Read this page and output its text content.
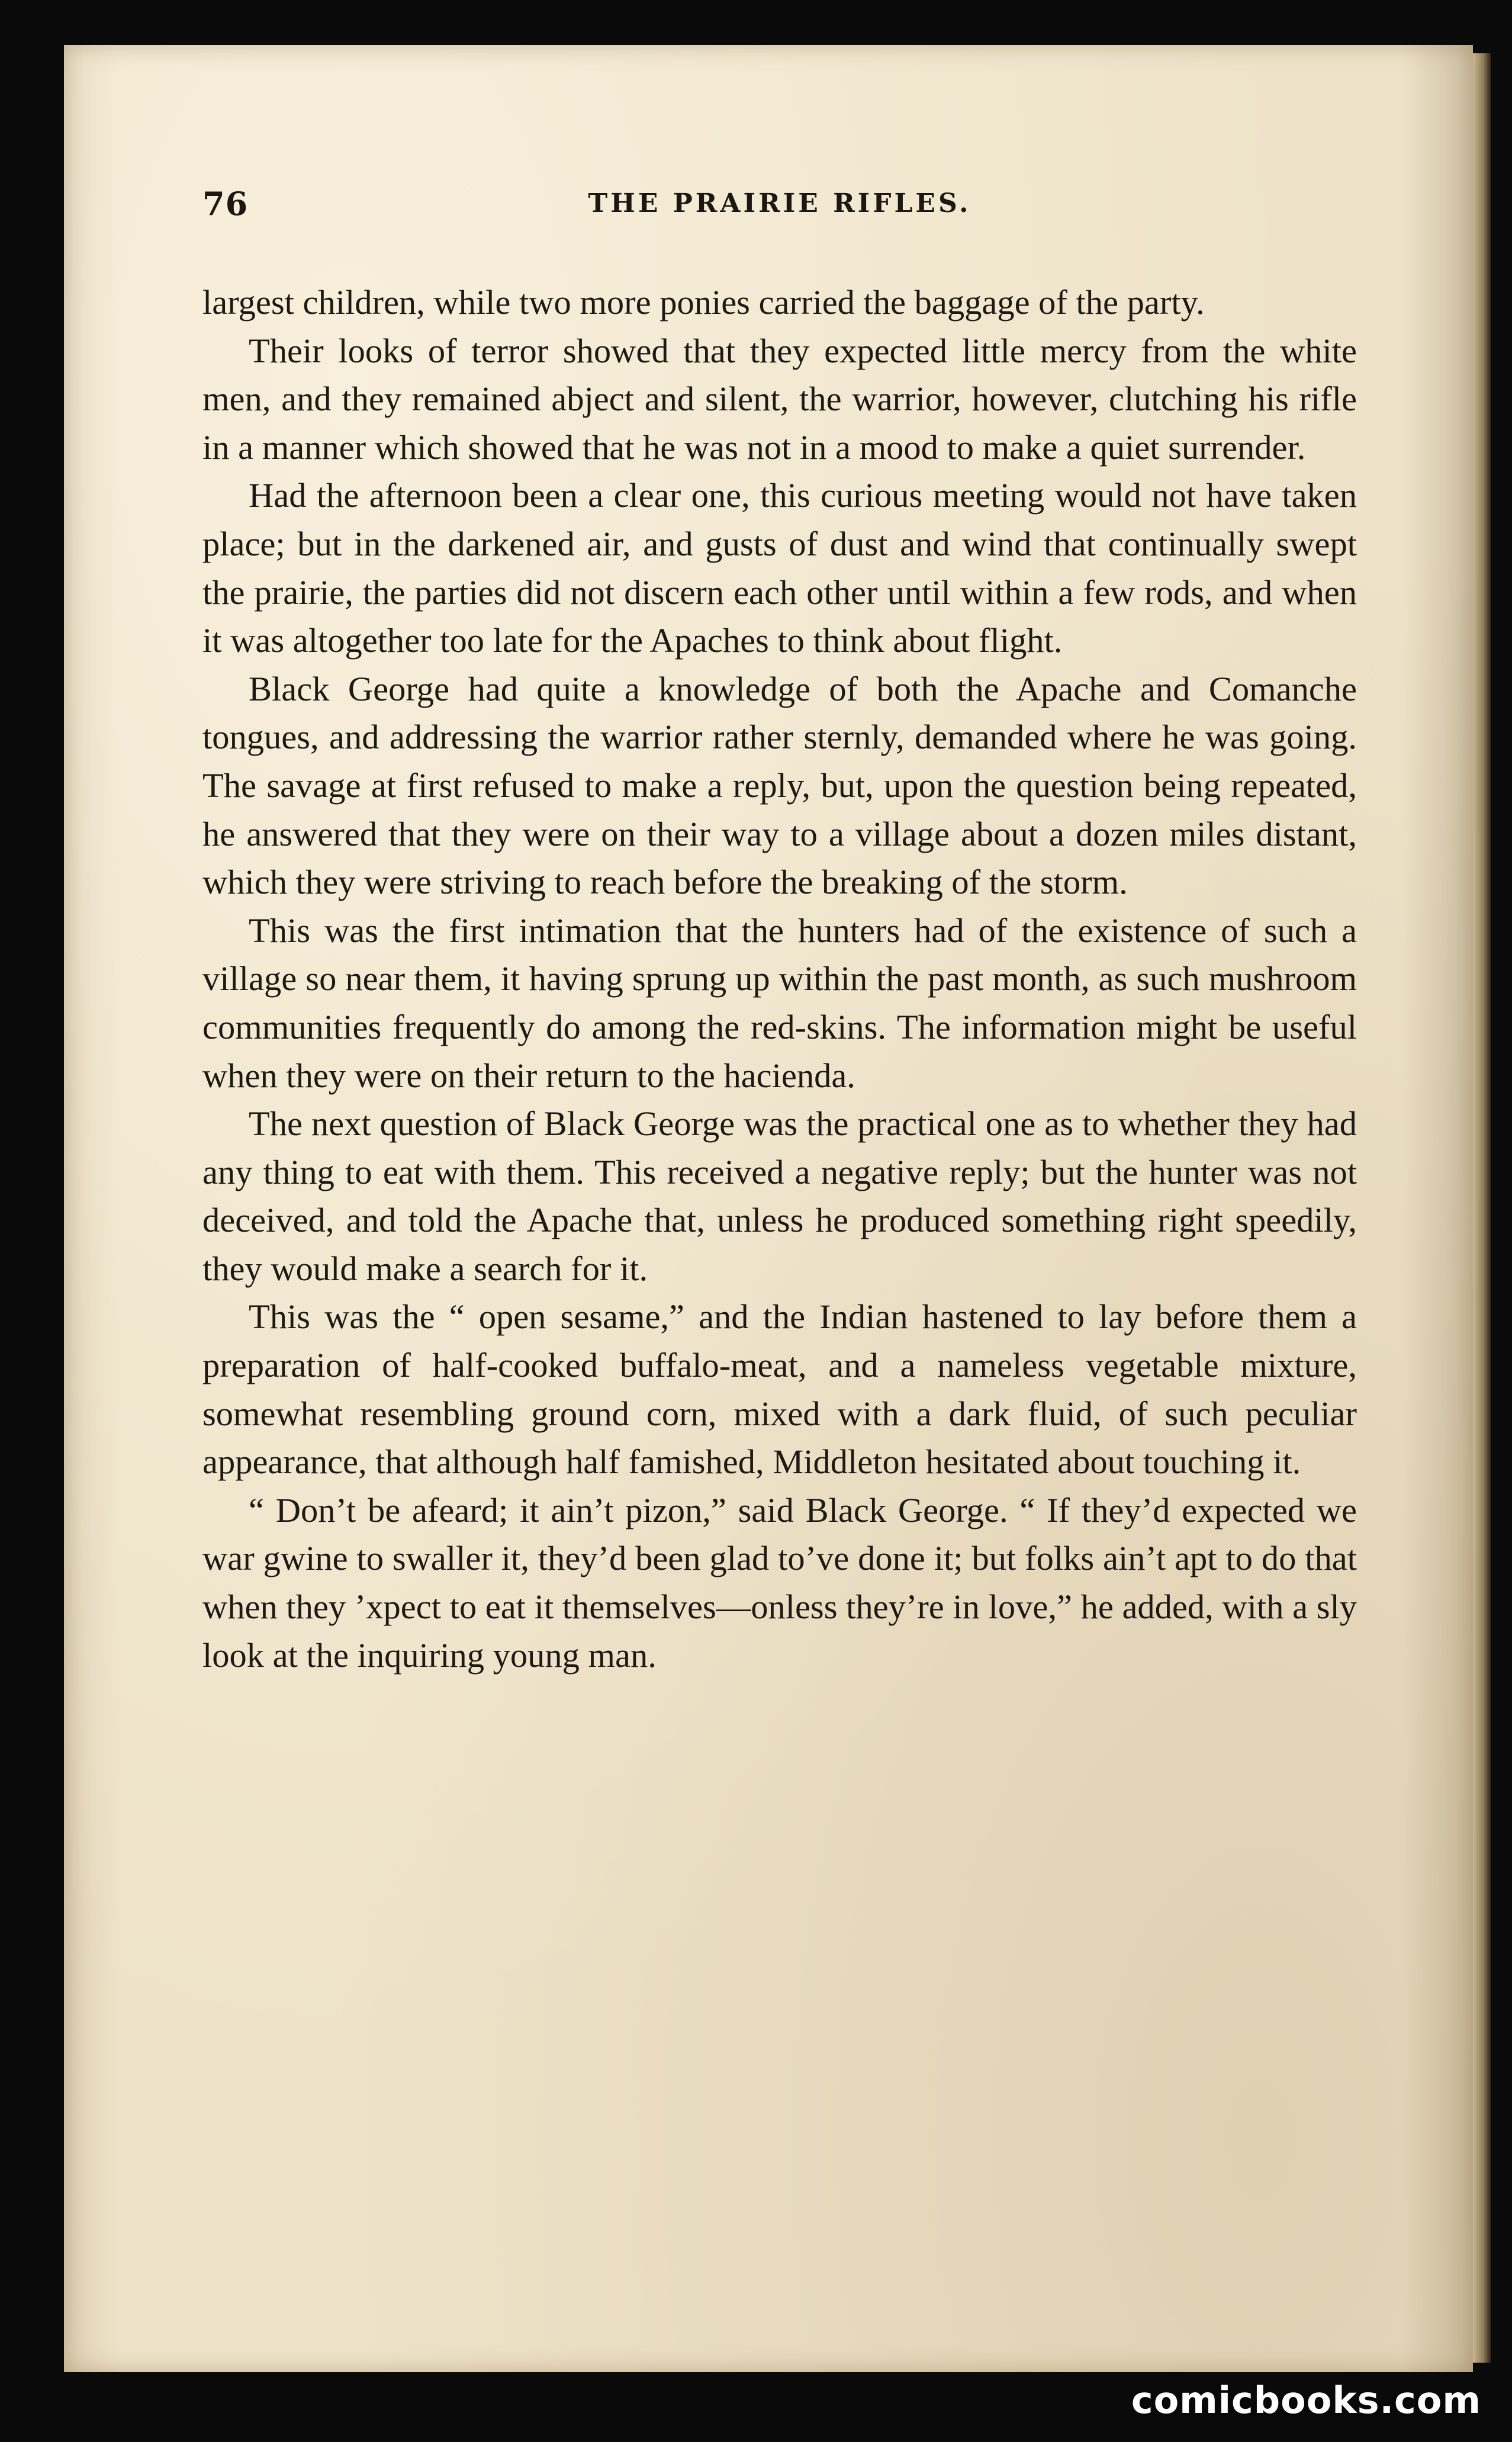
76	THE PRAIRIE RIFLES.

largest children, while two more ponies carried the baggage of the party.

Their looks of terror showed that they expected little mercy from the white men, and they remained abject and silent, the warrior, however, clutching his rifle in a manner which showed that he was not in a mood to make a quiet surrender.

Had the afternoon been a clear one, this curious meeting would not have taken place; but in the darkened air, and gusts of dust and wind that continually swept the prairie, the parties did not discern each other until within a few rods, and when it was altogether too late for the Apaches to think about flight.

Black George had quite a knowledge of both the Apache and Comanche tongues, and addressing the warrior rather sternly, demanded where he was going. The savage at first refused to make a reply, but, upon the question being repeated, he answered that they were on their way to a village about a dozen miles distant, which they were striving to reach before the breaking of the storm.

This was the first intimation that the hunters had of the existence of such a village so near them, it having sprung up within the past month, as such mushroom communities frequently do among the red-skins. The information might be useful when they were on their return to the hacienda.

The next question of Black George was the practical one as to whether they had any thing to eat with them. This received a negative reply; but the hunter was not deceived, and told the Apache that, unless he produced something right speedily, they would make a search for it.

This was the “ open sesame,” and the Indian hastened to lay before them a preparation of half-cooked buffalo-meat, and a nameless vegetable mixture, somewhat resembling ground corn, mixed with a dark fluid, of such peculiar appearance, that although half famished, Middleton hesitated about touching it.

“ Don’t be afeard; it ain’t pizon,” said Black George. “ If they’d expected we war gwine to swaller it, they’d been glad to’ve done it; but folks ain’t apt to do that when they ’xpect to eat it themselves—onless they’re in love,” he added, with a sly look at the inquiring young man.

comicbooks.com
